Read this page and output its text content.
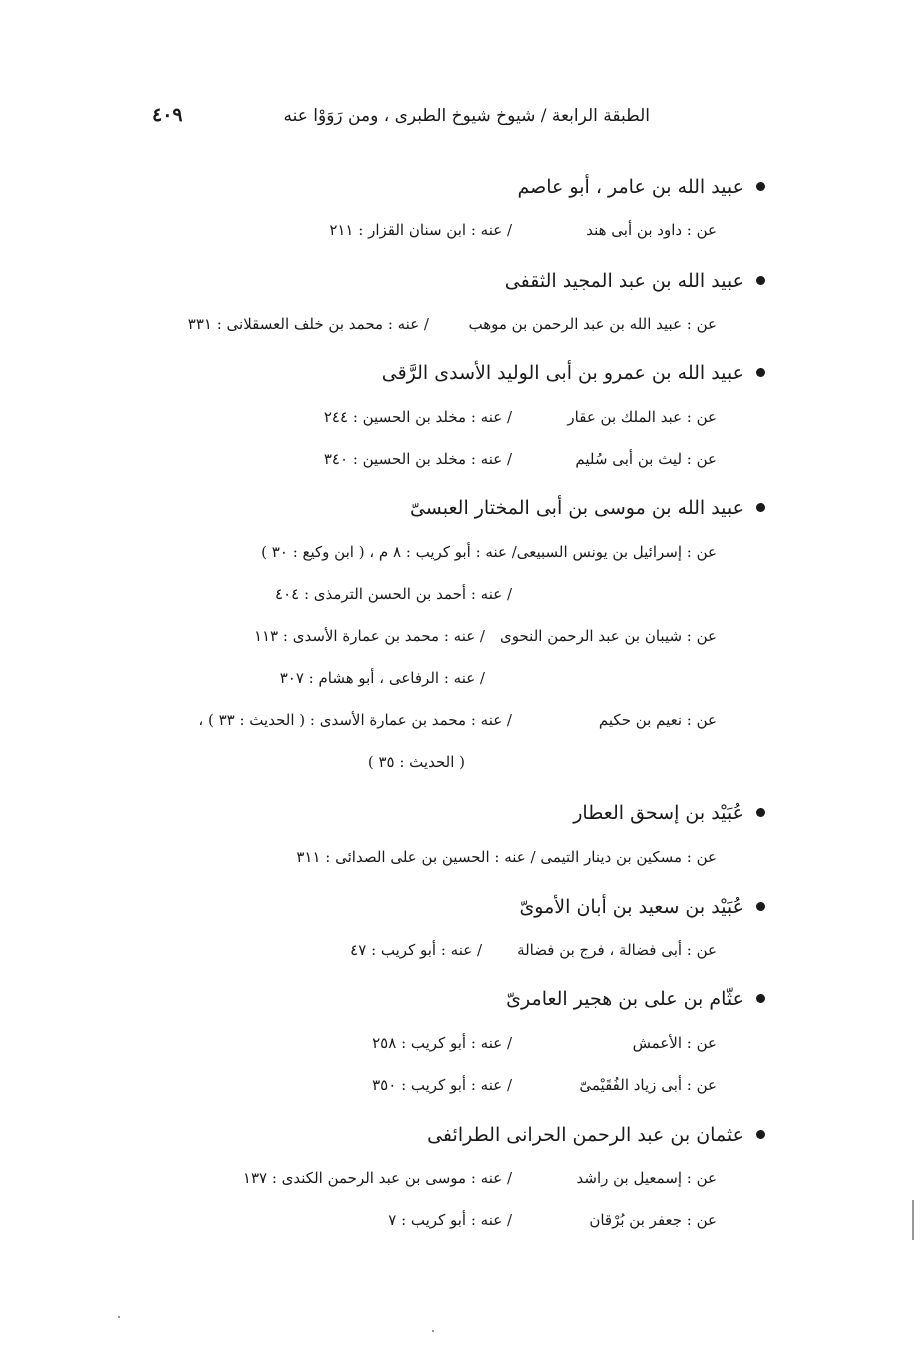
الطبقة الرابعة / شيوخ شيوخ الطبرى ، ومن رَوَوْا عنه
٤٠٩
عبيد الله بن عامر ، أبو عاصم
عن : داود بن أبى هند
/ عنه : ابن سنان القزار : ٢١١
عبيد الله بن عبد المجيد الثقفى
عن : عبيد الله بن عبد الرحمن بن موهب
/ عنه : محمد بن خلف العسقلانى : ٣٣١
عبيد الله بن عمرو بن أبى الوليد الأسدى الرَّقى
عن : عبد الملك بن عقار
/ عنه : مخلد بن الحسين : ٢٤٤
عن : ليث بن أبى سُليم
/ عنه : مخلد بن الحسين : ٣٤٠
عبيد الله بن موسى بن أبى المختار العبسىّ
عن : إسرائيل بن يونس السبيعى/ عنه : أبو كريب : ٨ م ، ( ابن وكيع : ٣٠ )
/ عنه : أحمد بن الحسن الترمذى : ٤٠٤
عن : شيبان بن عبد الرحمن النحوى
/ عنه : محمد بن عمارة الأسدى : ١١٣
/ عنه : الرفاعى ، أبو هشام : ٣٠٧
عن : نعيم بن حكيم
/ عنه : محمد بن عمارة الأسدى : ( الحديث : ٣٣ ) ،
( الحديث : ٣٥ )
عُبَيْد بن إسحق العطار
عن : مسكين بن دينار التيمى / عنه : الحسين بن على الصدائى : ٣١١
عُبَيْد بن سعيد بن أبان الأموىّ
عن : أبى فضالة ، فرج بن فضالة
/ عنه : أبو كريب : ٤٧
عثّام بن على بن هجير العامرىّ
عن : الأعمش
/ عنه : أبو كريب : ٢٥٨
عن : أبى زياد الفُقَيْمىّ
/ عنه : أبو كريب : ٣٥٠
عثمان بن عبد الرحمن الحرانى الطرائفى
عن : إسمعيل بن راشد
/ عنه : موسى بن عبد الرحمن الكندى : ١٣٧
عن : جعفر بن بُرْقان
/ عنه : أبو كريب : ٧
